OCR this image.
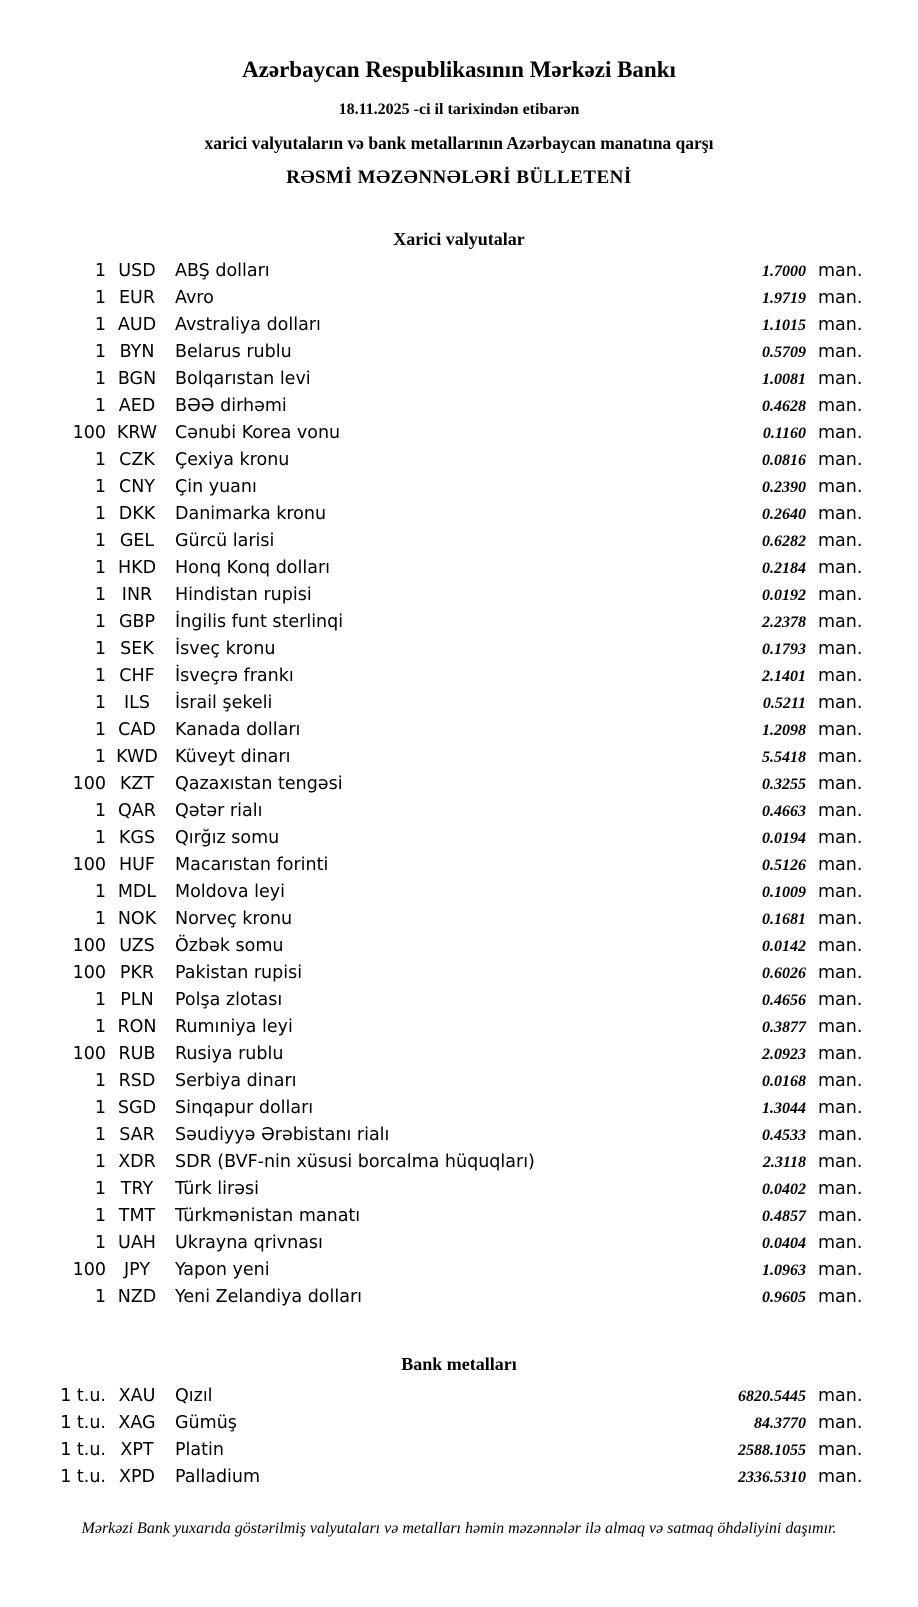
Azərbaycan Respublikasının Mərkəzi Bankı

18.11.2025 -ci il tarixindən etibarən

xarici valyutaların və bank metallarının Azərbaycan manatına qarşı

RƏSMİ MƏZƏNNƏLƏRİ BÜLLETENİ

Xarici valyutalar
1 USD	ABŞ dolları	1.7000 man.
1 EUR	Avro	1.9719 man.
1 AUD	Avstraliya dolları	1.1015 man.
1 BYN	Belarus rublu	0.5709 man.
1 BGN	Bolqarıstan levi	1.0081 man.
1 AED	BƏƏ dirhəmi	0.4628 man.
100 KRW	Cənubi Korea vonu	0.1160 man.
1 CZK	Çexiya kronu	0.0816 man.
1 CNY	Çin yuanı	0.2390 man.
1 DKK	Danimarka kronu	0.2640 man.
1 GEL	Gürcü larisi	0.6282 man.
1 HKD	Honq Konq dolları	0.2184 man.
1 INR	Hindistan rupisi	0.0192 man.
1 GBP	İngilis funt sterlinqi	2.2378 man.
1 SEK	İsveç kronu	0.1793 man.
1 CHF	İsveçrə frankı	2.1401 man.
1	ILS	İsrail şekeli	0.5211 man.
1 CAD	Kanada dolları	1.2098 man.
1 KWD Küveyt dinarı	5.5418 man.
100 KZT	Qazaxıstan tengəsi	0.3255 man.
1 QAR	Qətər rialı	0.4663 man.
1 KGS	Qırğız somu	0.0194 man.
100 HUF	Macarıstan forinti	0.5126 man.
1 MDL	Moldova leyi	0.1009 man.
1 NOK	Norveç kronu	0.1681 man.
100 UZS	Özbək somu	0.0142 man.
100 PKR	Pakistan rupisi	0.6026 man.
1 PLN	Polşa zlotası	0.4656 man.
1 RON	Rumıniya leyi	0.3877 man.
100 RUB	Rusiya rublu	2.0923 man.
1 RSD	Serbiya dinarı	0.0168 man.
1 SGD	Sinqapur dolları	1.3044 man.
1 SAR	Səudiyyə Ərəbistanı rialı	0.4533 man.
1 XDR	SDR (BVF-nin xüsusi borcalma hüquqları)	2.3118 man.
1 TRY	Türk lirəsi	0.0402 man.
1 TMT	Türkmənistan manatı	0.4857 man.
1 UAH	Ukrayna qrivnası	0.0404 man.
100	JPY	Yapon yeni	1.0963 man.
1 NZD	Yeni Zelandiya dolları	0.9605 man.
Bank metalları
1 t.u. XAU	Qızıl	6820.5445 man.
1 t.u. XAG	Gümüş	84.3770 man.
1 t.u. XPT	Platin	2588.1055 man.
1 t.u. XPD	Palladium	2336.5310 man.

Mərkəzi Bank yuxarıda göstərilmiş valyutaları və metalları həmin məzənnələr ilə almaq və satmaq öhdəliyini daşımır.
